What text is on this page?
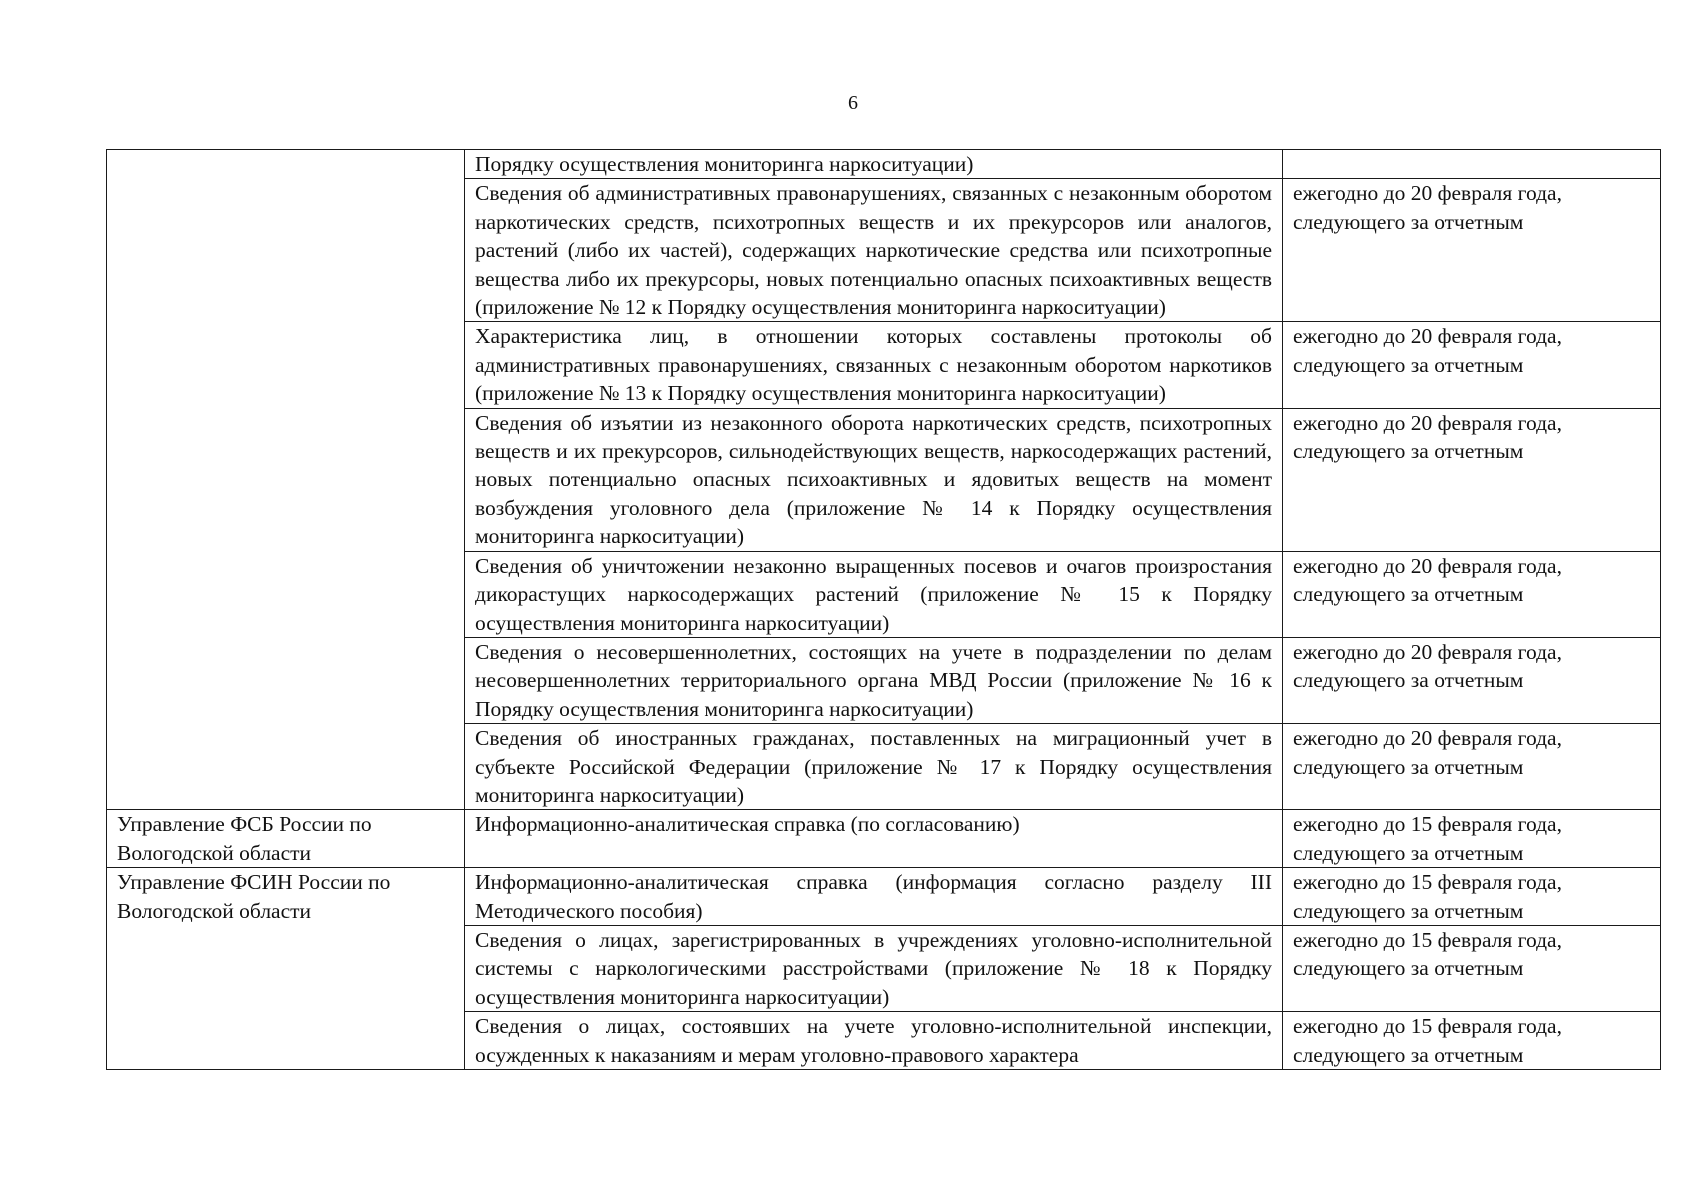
6
	Порядку осуществления мониторинга наркоситуации)	
	Сведения об административных правонарушениях, связанных с незаконным оборотом наркотических средств, психотропных веществ и их прекурсоров или аналогов, растений (либо их частей), содержащих наркотические средства или психотропные вещества либо их прекурсоры, новых потенциально опасных психоактивных веществ (приложение № 12 к Порядку осуществления мониторинга наркоситуации)	ежегодно до 20 февраля года, следующего за отчетным
	Характеристика лиц, в отношении которых составлены протоколы об административных правонарушениях, связанных с незаконным оборотом наркотиков (приложение № 13 к Порядку осуществления мониторинга наркоситуации)	ежегодно до 20 февраля года, следующего за отчетным
	Сведения об изъятии из незаконного оборота наркотических средств, психотропных веществ и их прекурсоров, сильнодействующих веществ, наркосодержащих растений, новых потенциально опасных психоактивных и ядовитых веществ на момент возбуждения уголовного дела (приложение № 14 к Порядку осуществления мониторинга наркоситуации)	ежегодно до 20 февраля года, следующего за отчетным
	Сведения об уничтожении незаконно выращенных посевов и очагов произростания дикорастущих наркосодержащих растений (приложение № 15 к Порядку осуществления мониторинга наркоситуации)	ежегодно до 20 февраля года, следующего за отчетным
	Сведения о несовершеннолетних, состоящих на учете в подразделении по делам несовершеннолетних территориального органа МВД России (приложение № 16 к Порядку осуществления мониторинга наркоситуации)	ежегодно до 20 февраля года, следующего за отчетным
	Сведения об иностранных гражданах, поставленных на миграционный учет в субъекте Российской Федерации (приложение № 17 к Порядку осуществления мониторинга наркоситуации)	ежегодно до 20 февраля года, следующего за отчетным
Управление ФСБ России по Вологодской области	Информационно-аналитическая справка (по согласованию)	ежегодно до 15 февраля года, следующего за отчетным
Управление ФСИН России по Вологодской области	Информационно-аналитическая справка (информация согласно разделу III Методического пособия)	ежегодно до 15 февраля года, следующего за отчетным
	Сведения о лицах, зарегистрированных в учреждениях уголовно-исполнительной системы с наркологическими расстройствами (приложение № 18 к Порядку осуществления мониторинга наркоситуации)	ежегодно до 15 февраля года, следующего за отчетным
	Сведения о лицах, состоявших на учете уголовно-исполнительной инспекции, осужденных к наказаниям и мерам уголовно-правового характера	ежегодно до 15 февраля года, следующего за отчетным
